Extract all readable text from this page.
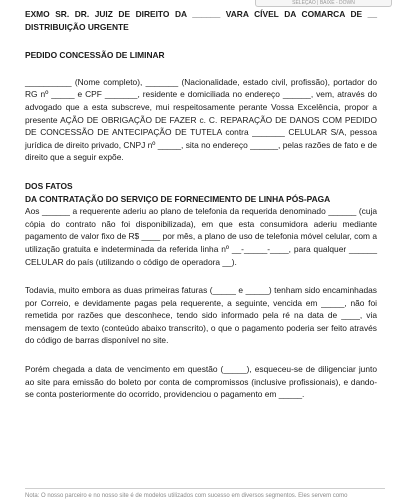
SELEÇÃO | BAIXE - DOWN

EXMO SR. DR. JUIZ DE DIREITO DA ______ VARA CÍVEL DA COMARCA DE __ DISTRIBUIÇÃO URGENTE

PEDIDO CONCESSÃO DE LIMINAR

__________ (Nome completo), _______ (Nacionalidade, estado civil, profissão), portador do RG nº _____ e CPF _______, residente e domiciliada no endereço ______, vem, através do advogado que a esta subscreve, mui respeitosamente perante Vossa Excelência, propor a presente AÇÃO DE OBRIGAÇÃO DE FAZER c. C. REPARAÇÃO DE DANOS COM PEDIDO DE CONCESSÃO DE ANTECIPAÇÃO DE TUTELA contra _______ CELULAR S/A, pessoa jurídica de direito privado, CNPJ nº _____, sita no endereço ______, pelas razões de fato e de direito que a seguir expõe.

DOS FATOS

DA CONTRATAÇÃO DO SERVIÇO DE FORNECIMENTO DE LINHA PÓS-PAGA

Aos ______ a requerente aderiu ao plano de telefonia da requerida denominado ______ (cuja cópia do contrato não foi disponibilizada), em que esta consumidora aderiu mediante pagamento de valor fixo de R$ ____ por mês, a plano de uso de telefonia móvel celular, com a utilização gratuita e indeterminada da referida linha nº __-_____-____, para qualquer ______ CELULAR do país (utilizando o código de operadora __).

Todavia, muito embora as duas primeiras faturas (_____ e _____) tenham sido encaminhadas por Correio, e devidamente pagas pela requerente, a seguinte, vencida em _____, não foi remetida por razões que desconhece, tendo sido informado pela ré na data de ____, via mensagem de texto (conteúdo abaixo transcrito), o que o pagamento poderia ser feito através do código de barras disponível no site.

Porém chegada a data de vencimento em questão (_____), esqueceu-se de diligenciar junto ao site para emissão do boleto por conta de compromissos (inclusive profissionais), e dando-se conta posteriormente do ocorrido, providenciou o pagamento em _____.

Nota: O nosso parceiro e no nosso site é de modelos utilizados com sucesso em diversos segmentos. Eles servem como
